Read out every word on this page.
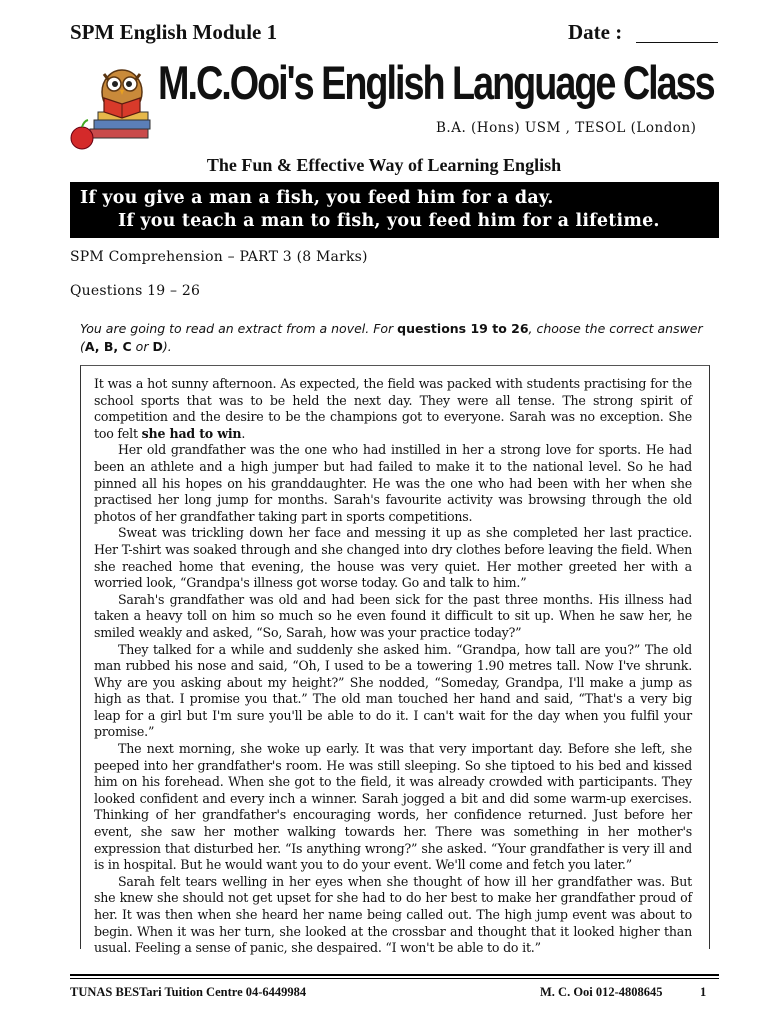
SPM English Module 1	Date :
M.C.Ooi's English Language Class
B.A. (Hons) USM , TESOL (London)
The Fun & Effective Way of Learning English
If you give a man a fish, you feed him for a day.
If you teach a man to fish, you feed him for a lifetime.
SPM Comprehension – PART 3 (8 Marks)
Questions 19 – 26
You are going to read an extract from a novel. For questions 19 to 26, choose the correct answer (A, B, C or D).

It was a hot sunny afternoon. As expected, the field was packed with students practising for the school sports that was to be held the next day. They were all tense. The strong spirit of competition and the desire to be the champions got to everyone. Sarah was no exception. She too felt she had to win.

Her old grandfather was the one who had instilled in her a strong love for sports. He had been an athlete and a high jumper but had failed to make it to the national level. So he had pinned all his hopes on his granddaughter. He was the one who had been with her when she practised her long jump for months. Sarah's favourite activity was browsing through the old photos of her grandfather taking part in sports competitions.

Sweat was trickling down her face and messing it up as she completed her last practice. Her T-shirt was soaked through and she changed into dry clothes before leaving the field. When she reached home that evening, the house was very quiet. Her mother greeted her with a worried look, “Grandpa's illness got worse today. Go and talk to him.”

Sarah's grandfather was old and had been sick for the past three months. His illness had taken a heavy toll on him so much so he even found it difficult to sit up. When he saw her, he smiled weakly and asked, “So, Sarah, how was your practice today?”

They talked for a while and suddenly she asked him. “Grandpa, how tall are you?” The old man rubbed his nose and said, “Oh, I used to be a towering 1.90 metres tall. Now I've shrunk. Why are you asking about my height?” She nodded, “Someday, Grandpa, I'll make a jump as high as that. I promise you that.” The old man touched her hand and said, “That's a very big leap for a girl but I'm sure you'll be able to do it. I can't wait for the day when you fulfil your promise.”

The next morning, she woke up early. It was that very important day. Before she left, she peeped into her grandfather's room. He was still sleeping. So she tiptoed to his bed and kissed him on his forehead. When she got to the field, it was already crowded with participants. They looked confident and every inch a winner. Sarah jogged a bit and did some warm-up exercises. Thinking of her grandfather's encouraging words, her confidence returned. Just before her event, she saw her mother walking towards her. There was something in her mother's expression that disturbed her. “Is anything wrong?” she asked. “Your grandfather is very ill and is in hospital. But he would want you to do your event. We'll come and fetch you later.”

Sarah felt tears welling in her eyes when she thought of how ill her grandfather was. But she knew she should not get upset for she had to do her best to make her grandfather proud of her. It was then when she heard her name being called out. The high jump event was about to begin. When it was her turn, she looked at the crossbar and thought that it looked higher than usual. Feeling a sense of panic, she despaired. “I won't be able to do it.”

TUNAS BESTari Tuition Centre 04-6449984	M. C. Ooi 012-4808645	1
